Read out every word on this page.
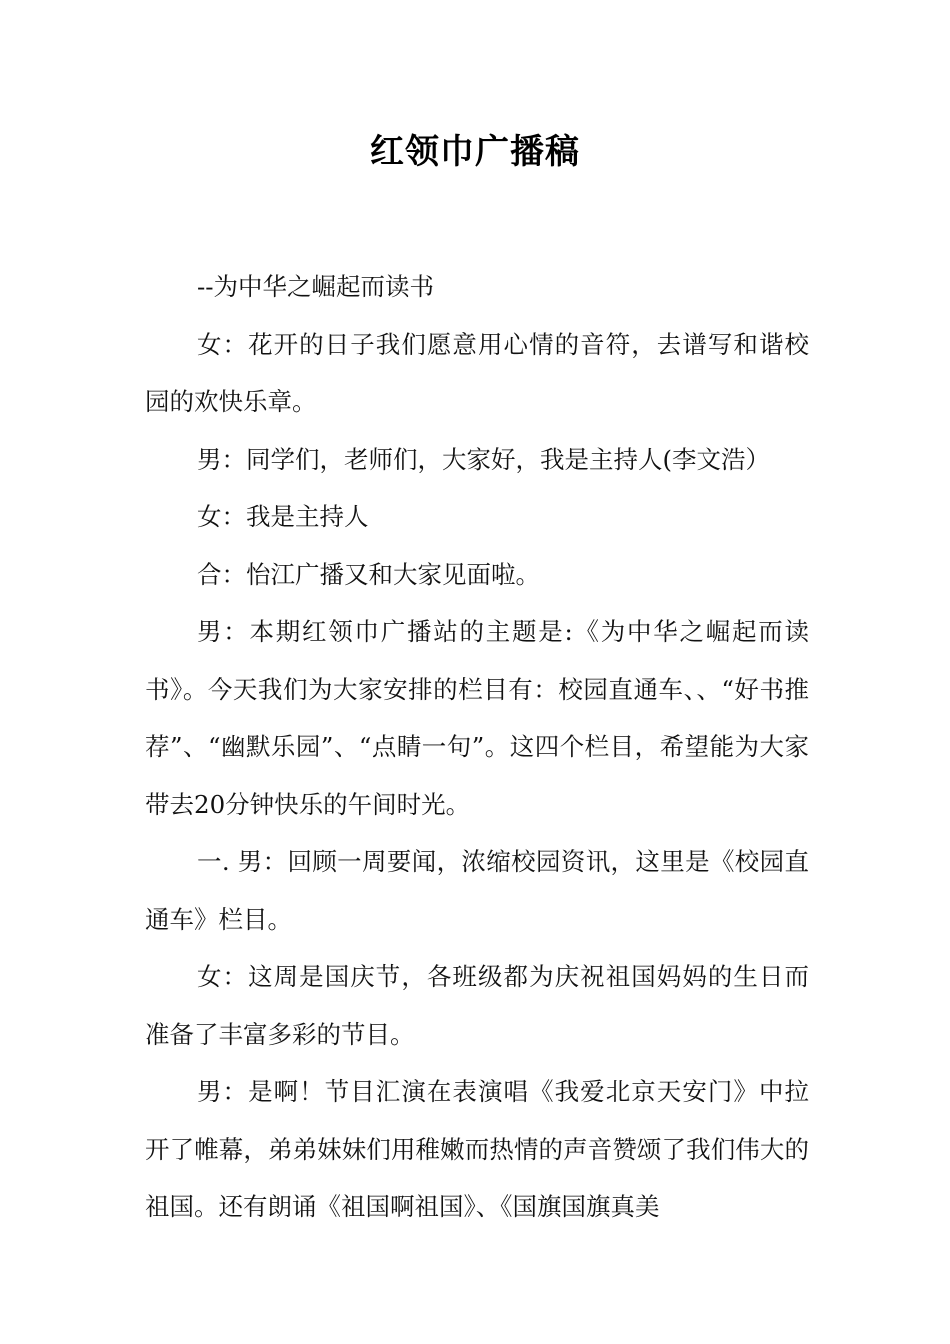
红领巾广播稿

--为中华之崛起而读书

女：花开的日子我们愿意用心情的音符，去谱写和谐校园的欢快乐章。

男：同学们，老师们，大家好，我是主持人(李文浩）

女：我是主持人

合：怡江广播又和大家见面啦。

男：本期红领巾广播站的主题是:《为中华之崛起而读书》。今天我们为大家安排的栏目有：校园直通车、、“好书推荐”、“幽默乐园”、“点睛一句”。这四个栏目，希望能为大家带去20分钟快乐的午间时光。

一. 男：回顾一周要闻，浓缩校园资讯，这里是《校园直通车》栏目。

女：这周是国庆节，各班级都为庆祝祖国妈妈的生日而准备了丰富多彩的节目。

男：是啊！节目汇演在表演唱《我爱北京天安门》中拉开了帷幕，弟弟妹妹们用稚嫩而热情的声音赞颂了我们伟大的祖国。还有朗诵《祖国啊祖国》、《国旗国旗真美
